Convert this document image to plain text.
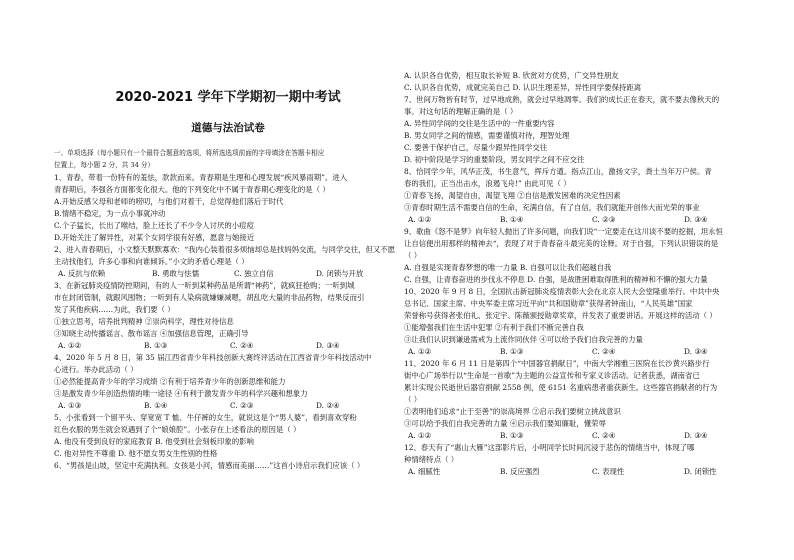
2020-2021 学年下学期初一期中考试
道德与法治试卷
一、单项选择（每小题只有一个最符合题意的选项，将所选选项前面的字母填涂在答题卡相应
位置上，每小题 2 分，共 34 分）
1、青春，带着一份特有的羞怯，款款而来。青春期是生理和心理发展“疾风暴雨期”。进入
青春期后，李强各方面都变化很大。他的下列变化中不属于青春期心理变化的是（ ）
A.开始反感父母和老师的唠叨，与他们对着干，总觉得他们落后于时代
B.情绪不稳定，为一点小事就冲动
C.个子猛长，长出了喉结，脸上还长了不少令人讨厌的小痘痘
D.开始关注了解异性，对某个女同学很有好感，愿意与她接近
2、进入青春期后，小文整天默默寡欢：“我内心装着很多烦恼却总是找妈妈交流，与同学交往，但又不愿
主动找他们，许多心事和向谁倾诉。”小文的矛盾心理是（ ）
A. 反抗与依赖	B. 勇敢与怯懦	C. 独立自信	D. 闭锁与开放
3、在新冠肺炎疫情防控期间，有的人一听到某种药品是所谓“神药”，就疯狂抢购；一听到城
市在封闭管制，就跟风囤物；一听到有人染病就嫌嫌减嗯，胡乱吃大量的非品药物，结果反而引
发了其他疾病……为此，我们要（ ）
①独立思考，培养批判精神 ②崇尚科学，理性对待信息
③知晓主动传播谣言、散布谣言 ④加强信息管理，正确引导
A. ①②	B. ①③	C. ②④	D. ③④
4、2020 年 5 月 8 日，第 35 届江西省青少年科技创新大赛终评活动在江西省青少年科技活动中
心进行。举办此活动（ ）
①必然能提高青少年的学习成绩 ②有利于培养青少年的创新思维和能力
③是激发青少年创造热情的唯一途径 ④有利于激发青少年的科学兴趣和想象力
A. ①③	B. ①④	C. ②③	D. ②④
5、小张看到一个留平头、穿宽宽 T 恤、牛仔裤的女生，就说这是个“男人婆”，看到喜欢穿粉
红色衣服的男生就会说遇到了个“娘娘腔”。小张存在上述看法的原因是（ ）
A. 他没有受到良好的家庭教育 B. 他受到社会刻板印象的影响
C. 他对异性不尊重 D. 他不愿女男女生性别的性格
6、“男孩是山坡，坚定中充满执利。女孩是小河，情感而美丽……”这首小诗启示我们应该（ ）
A. 认识各自优势，相互取长补短 B. 欣赏对方优势，广交异性朋友
C. 认识各自优势，成就完美自己 D. 认识生理差异，异性同学要保持距离
7、世间万物皆有时节，过早地成熟，就会过早地凋零。我们的成长正在春天，就不要去像秋天的
事。对这句话的理解正确的是（ ）
A. 异性同学间的交往是生活中的一件重要内容
B. 男女同学之间的情感，需要谨慎对待，理智处理
C. 要善于保护自己，尽量少跟异性同学交往
D. 初中阶段是学习的重要阶段，男女同学之间不应交往
8、恰同学少年，风华正茂，书生意气，挥斥方遒。指点江山，激扬文字，粪土当年万户侯。青
春的我们，正当出击水，浪遏飞舟!” 由此可见（ ）
①青春飞扬，渴望自由，渴望飞翔 ②自信是激发困难的决定性因素
③青春时期生活不需要自信的生命，充满自信，有了自信，我们就能开创伟大而光荣的事业
A. ①②	B. ①④	C. ②③	D. ③④
9、歌曲《怒不是梦》向年轻人抛出了许多问题，向我们说“一定要走在这川谈不要的挖掘，坦永恒
让自信便出用那样的精神去“，表现了对于青春奋斗最完美的诠释。对于自强，下列认识错误的是
（ ）
A. 自强是实现青春梦想的唯一力量 B. 自强可以让我们超越自我
C. 自强，让青春奋进的步伐永不停息 D. 自强，是战胜困难取得胜利的精神和不懈的强大力量
10、2020 年 9 月 8 日，全国抗击新冠肺炎疫情表彰大会在北京人民大会堂隆重举行。中共中央
总书记、国家主席、中央军委主席习近平向“共和国勋章”获得者钟南山，“人民英雄”国家
荣誉称号获得者张伯礼、张定宇、陈薇颁授勋章奖章，并发表了重要讲话。开展这样的活动（ ）
①能增强我们在生活中犯罪 ②有利于我们不断完善自我
③让我们认识到谦逊需戒为上流作同伙伴 ④可以给予我们自我完善的力量
A. ①②	B. ①③	C. ②④	D. ③④
11、2020 年 6 月 11 日是第四个“中国器官捐献日”，中南大学湘雅三医院在长沙黄兴路步行
街中心广场举行以“生命是一首歌”为主题的公益宣传和专家义诊活动。记者获悉，湖南省已
累计实现公民逝世后器官捐献 2558 例，使 6151 名重病患者重获新生。这些器官捐献者的行为
（ ）
①表明他们追求“止于至善”的崇高境界 ②启示我们要树立挑战意识
③可以给予我们自我完善的力量 ④启示我们要知廉耻，懂荣辱
A. ①②	B. ①③	C. ②④	D. ③④
12、春天有了“惠山大雁”这部影片后，小明同学长时间沉浸于悲伤的情绪当中，体现了哪
种情绪特点（ ）
A. 细腻性	B. 反应强烈	C. 表现性	D. 闭锁性
